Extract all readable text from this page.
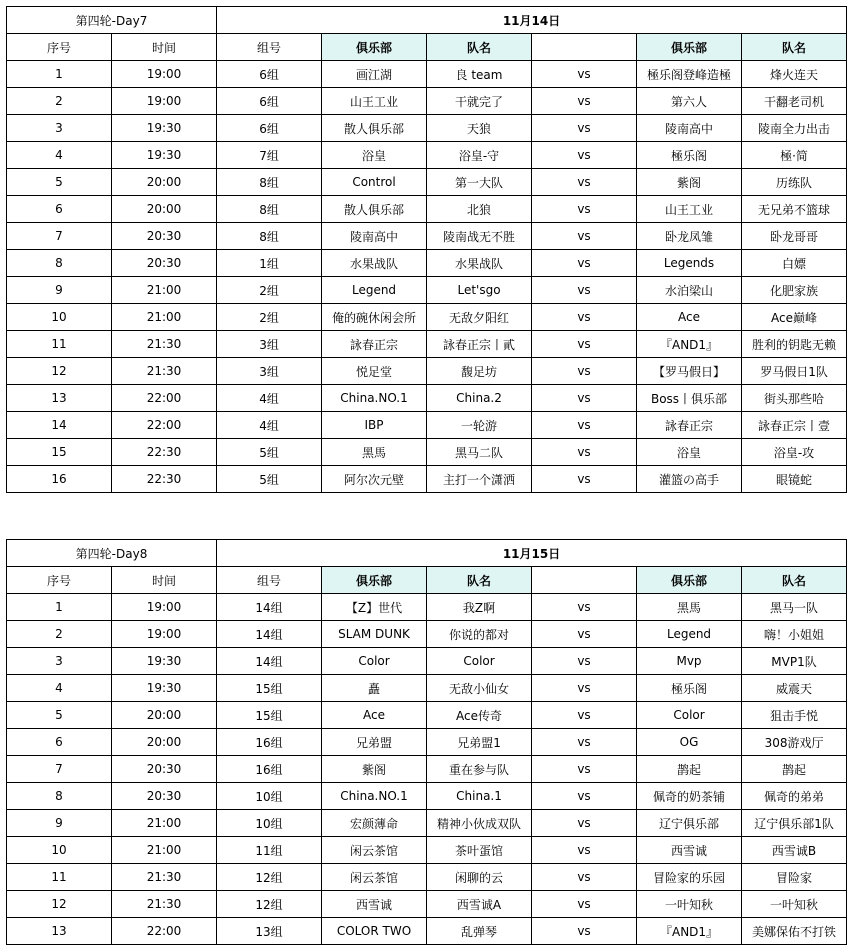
第四轮-Day7		11月14日					
序号	时间	组号	俱乐部	队名		俱乐部	队名
1	19:00	6组	画江湖	良 team	vs	極乐阁登峰造極	烽火连天
2	19:00	6组	山王工业	干就完了	vs	第六人	干翻老司机
3	19:30	6组	散人俱乐部	天狼	vs	陵南高中	陵南全力出击
4	19:30	7组	浴皇	浴皇-守	vs	極乐阁	極·简
5	20:00	8组	Control	第一大队	vs	紫阁	历练队
6	20:00	8组	散人俱乐部	北狼	vs	山王工业	无兄弟不篮球
7	20:30	8组	陵南高中	陵南战无不胜	vs	卧龙凤雏	卧龙哥哥
8	20:30	1组	水果战队	水果战队	vs	Legends	白嫖
9	21:00	2组	Legend	Let'sgo	vs	水泊梁山	化肥家族
10	21:00	2组	俺的碗休闲会所	无敌夕阳红	vs	Ace	Ace巅峰
11	21:30	3组	詠春正宗	詠春正宗丨貳	vs	『AND1』	胜利的钥匙无赖
12	21:30	3组	悦足堂	馥足坊	vs	【罗马假日】	罗马假日1队
13	22:00	4组	China.NO.1	China.2	vs	Boss丨俱乐部	街头那些哈
14	22:00	4组	IBP	一轮游	vs	詠春正宗	詠春正宗丨壹
15	22:30	5组	黑馬	黑马二队	vs	浴皇	浴皇-攻
16	22:30	5组	阿尔次元壁	主打一个潇洒	vs	灌篮の高手	眼镜蛇
第四轮-Day8		11月15日					
序号	时间	组号	俱乐部	队名		俱乐部	队名
1	19:00	14组	【Z】世代	我Z啊	vs	黑馬	黑马一队
2	19:00	14组	SLAM DUNK	你说的都对	vs	Legend	嗨！小姐姐
3	19:30	14组	Color	Color	vs	Mvp	MVP1队
4	19:30	15组	矗	无敌小仙女	vs	極乐阁	威震天
5	20:00	15组	Ace	Ace传奇	vs	Color	狙击手悦
6	20:00	16组	兄弟盟	兄弟盟1	vs	OG	308游戏厅
7	20:30	16组	紫阁	重在参与队	vs	鹊起	鹊起
8	20:30	10组	China.NO.1	China.1	vs	佩奇的奶茶铺	佩奇的弟弟
9	21:00	10组	宏颜薄命	精神小伙成双队	vs	辽宁俱乐部	辽宁俱乐部1队
10	21:00	11组	闲云茶馆	茶叶蛋馆	vs	西雪诚	西雪诚B
11	21:30	12组	闲云茶馆	闲聊的云	vs	冒险家的乐园	冒险家
12	21:30	12组	西雪诚	西雪诚A	vs	一叶知秋	一叶知秋
13	22:00	13组	COLOR TWO	乱弹琴	vs	『AND1』	美娜保佑不打铁
